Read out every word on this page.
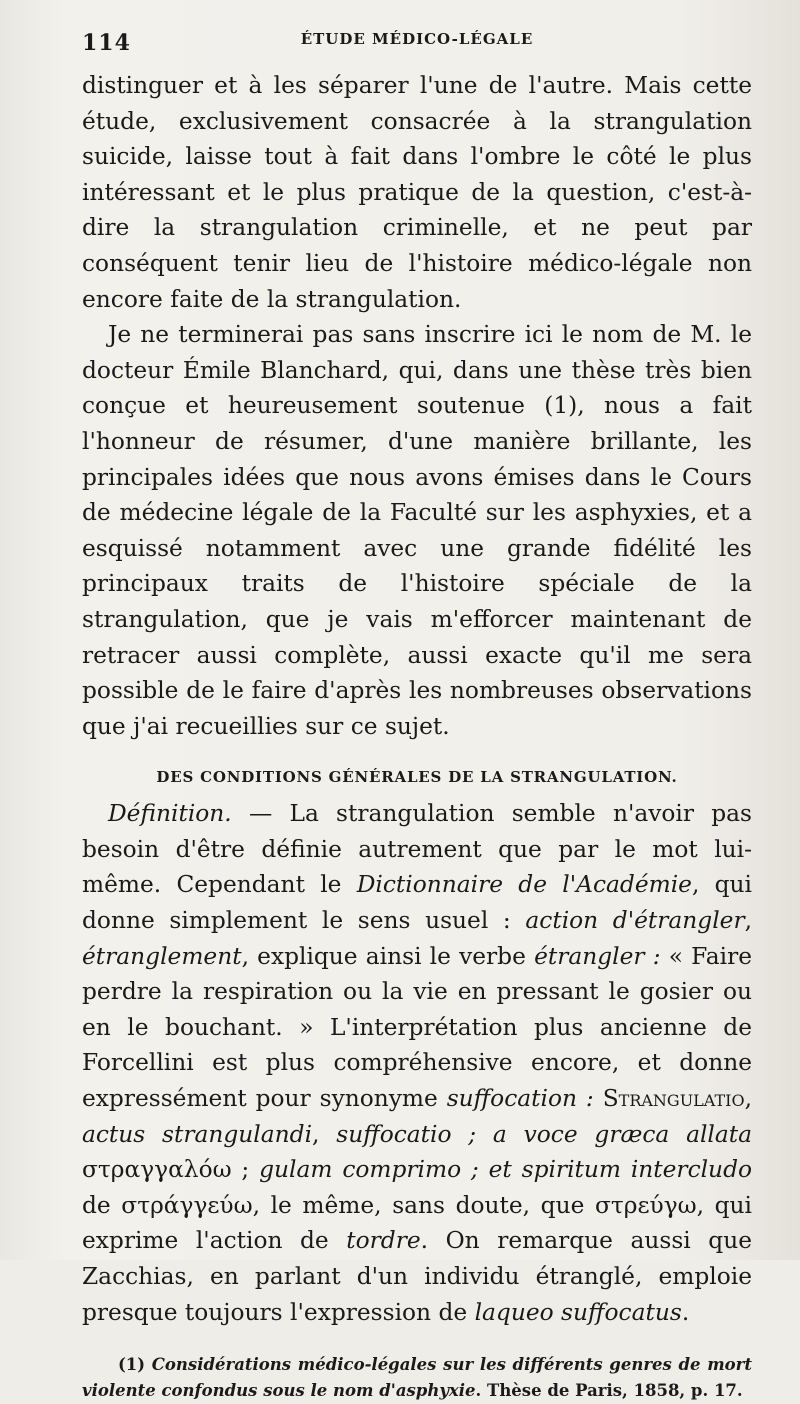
114	ÉTUDE MÉDICO-LÉGALE

distinguer et à les séparer l'une de l'autre. Mais cette étude, exclusivement consacrée à la strangulation suicide, laisse tout à fait dans l'ombre le côté le plus intéressant et le plus pratique de la question, c'est-à-dire la strangulation criminelle, et ne peut par conséquent tenir lieu de l'histoire médico-légale non encore faite de la strangulation.

Je ne terminerai pas sans inscrire ici le nom de M. le docteur Émile Blanchard, qui, dans une thèse très bien conçue et heureusement soutenue (1), nous a fait l'honneur de résumer, d'une manière brillante, les principales idées que nous avons émises dans le Cours de médecine légale de la Faculté sur les asphyxies, et a esquissé notamment avec une grande fidélité les principaux traits de l'histoire spéciale de la strangulation, que je vais m'efforcer maintenant de retracer aussi complète, aussi exacte qu'il me sera possible de le faire d'après les nombreuses observations que j'ai recueillies sur ce sujet.

DES CONDITIONS GÉNÉRALES DE LA STRANGULATION.

Définition. — La strangulation semble n'avoir pas besoin d'être définie autrement que par le mot lui-même. Cependant le Dictionnaire de l'Académie, qui donne simplement le sens usuel : action d'étrangler, étranglement, explique ainsi le verbe étrangler : « Faire perdre la respiration ou la vie en pressant le gosier ou en le bouchant. » L'interprétation plus ancienne de Forcellini est plus compréhensive encore, et donne expressément pour synonyme suffocation : Strangulatio, actus strangulandi, suffocatio ; a voce græca allata στραγγαλόω ; gulam comprimo ; et spiritum intercludo de στράγγεύω, le même, sans doute, que στρεύγω, qui exprime l'action de tordre. On remarque aussi que Zacchias, en parlant d'un individu étranglé, emploie presque toujours l'expression de laqueo suffocatus.

(1) Considérations médico-légales sur les différents genres de mort violente confondus sous le nom d'asphyxie. Thèse de Paris, 1858, p. 17.
